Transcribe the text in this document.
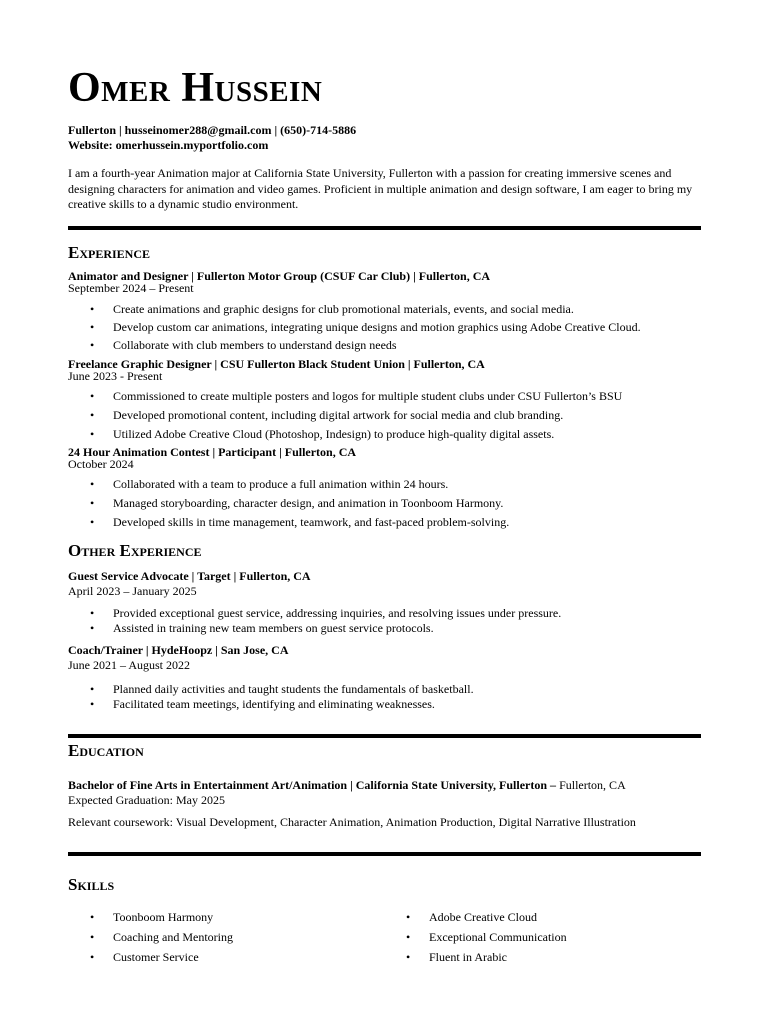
Omer Hussein
Fullerton | husseinomer288@gmail.com | (650)-714-5886
Website: omerhussein.myportfolio.com
I am a fourth-year Animation major at California State University, Fullerton with a passion for creating immersive scenes and designing characters for animation and video games. Proficient in multiple animation and design software, I am eager to bring my creative skills to a dynamic studio environment.
Experience
Animator and Designer | Fullerton Motor Group (CSUF Car Club) | Fullerton, CA
September 2024 – Present
• Create animations and graphic designs for club promotional materials, events, and social media.
• Develop custom car animations, integrating unique designs and motion graphics using Adobe Creative Cloud.
• Collaborate with club members to understand design needs
Freelance Graphic Designer | CSU Fullerton Black Student Union | Fullerton, CA
June 2023 - Present
• Commissioned to create multiple posters and logos for multiple student clubs under CSU Fullerton’s BSU
• Developed promotional content, including digital artwork for social media and club branding.
• Utilized Adobe Creative Cloud (Photoshop, Indesign) to produce high-quality digital assets.
24 Hour Animation Contest | Participant | Fullerton, CA
October 2024
• Collaborated with a team to produce a full animation within 24 hours.
• Managed storyboarding, character design, and animation in Toonboom Harmony.
• Developed skills in time management, teamwork, and fast-paced problem-solving.
Other Experience
Guest Service Advocate | Target | Fullerton, CA
April 2023 – January 2025
• Provided exceptional guest service, addressing inquiries, and resolving issues under pressure.
• Assisted in training new team members on guest service protocols.
Coach/Trainer | HydeHoopz | San Jose, CA
June 2021 – August 2022
• Planned daily activities and taught students the fundamentals of basketball.
• Facilitated team meetings, identifying and eliminating weaknesses.
Education
Bachelor of Fine Arts in Entertainment Art/Animation | California State University, Fullerton – Fullerton, CA
Expected Graduation: May 2025
Relevant coursework: Visual Development, Character Animation, Animation Production, Digital Narrative Illustration
Skills
• Toonboom Harmony
• Coaching and Mentoring
• Customer Service
• Adobe Creative Cloud
• Exceptional Communication
• Fluent in Arabic
